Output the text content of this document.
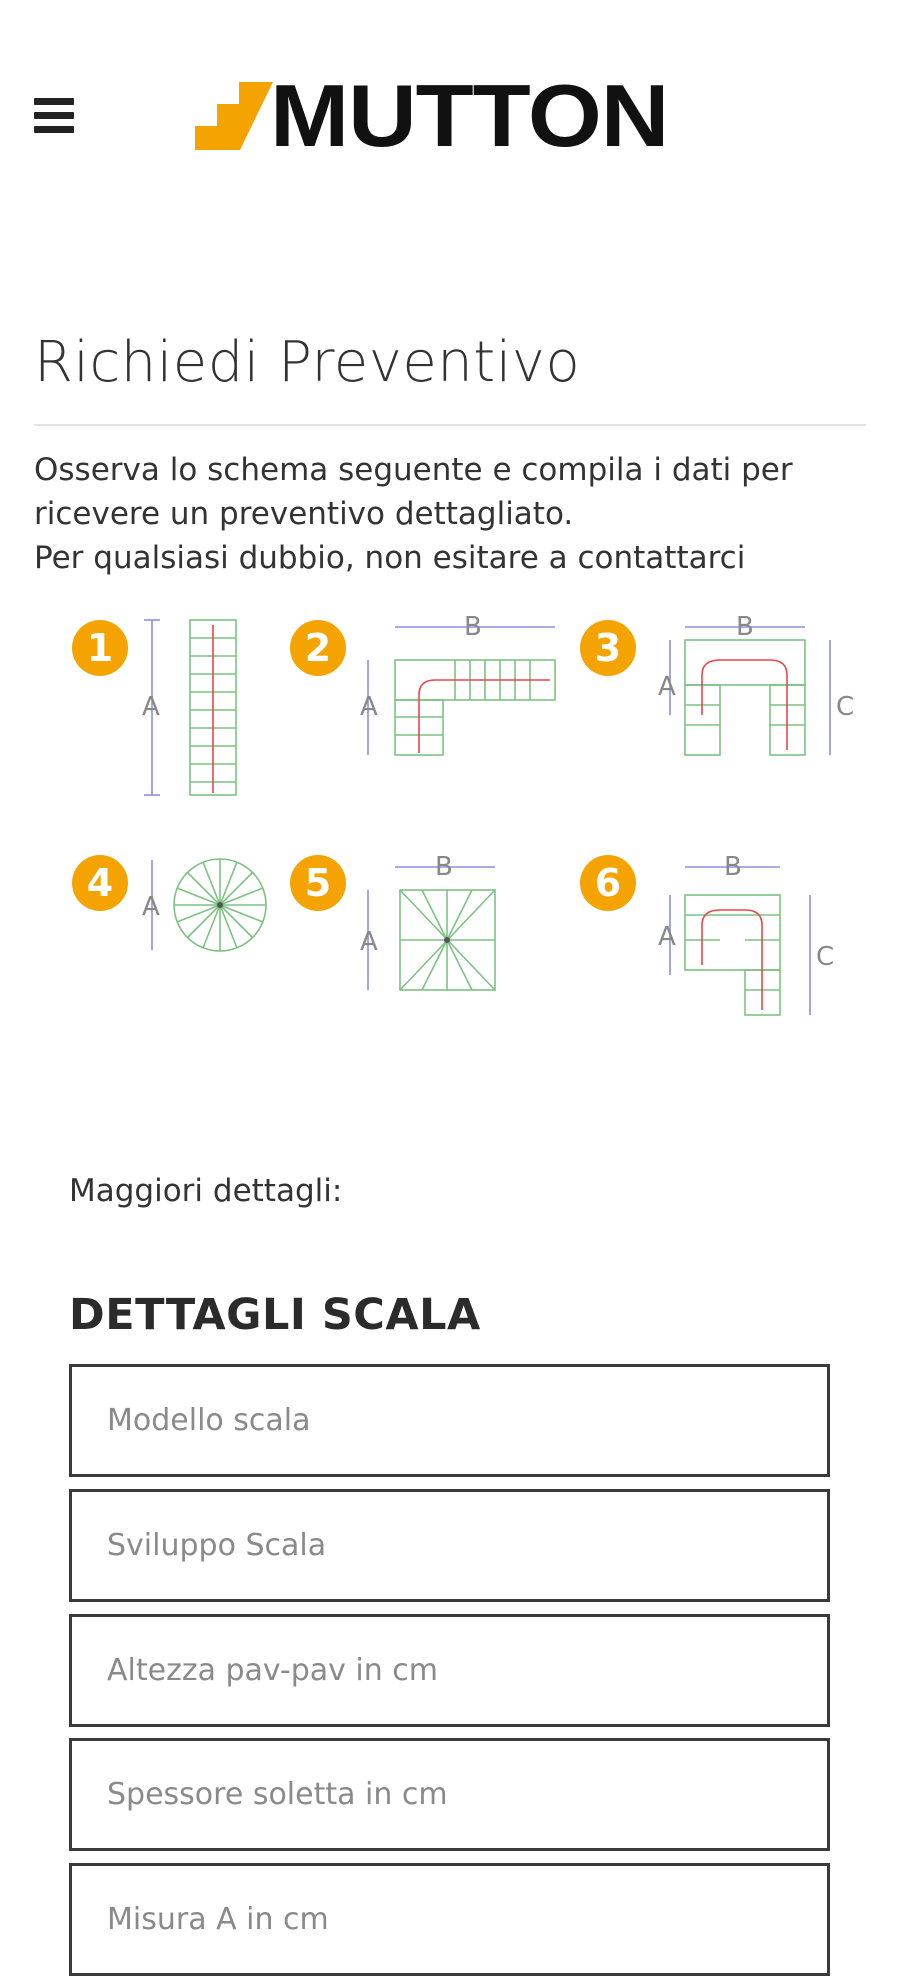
MUTTON
Richiedi Preventivo

Osserva lo schema seguente e compila i dati per

ricevere un preventivo dettagliato.

Per qualsiasi dubbio, non esitare a contattarci

1	2	3
4	5	6
A
B
A
B
A
C
A
B
A
B
A
C
Maggiori dettagli:
DETTAGLI SCALA
Modello scala
Sviluppo Scala
Altezza pav-pav in cm
Spessore soletta in cm
Misura A in cm
